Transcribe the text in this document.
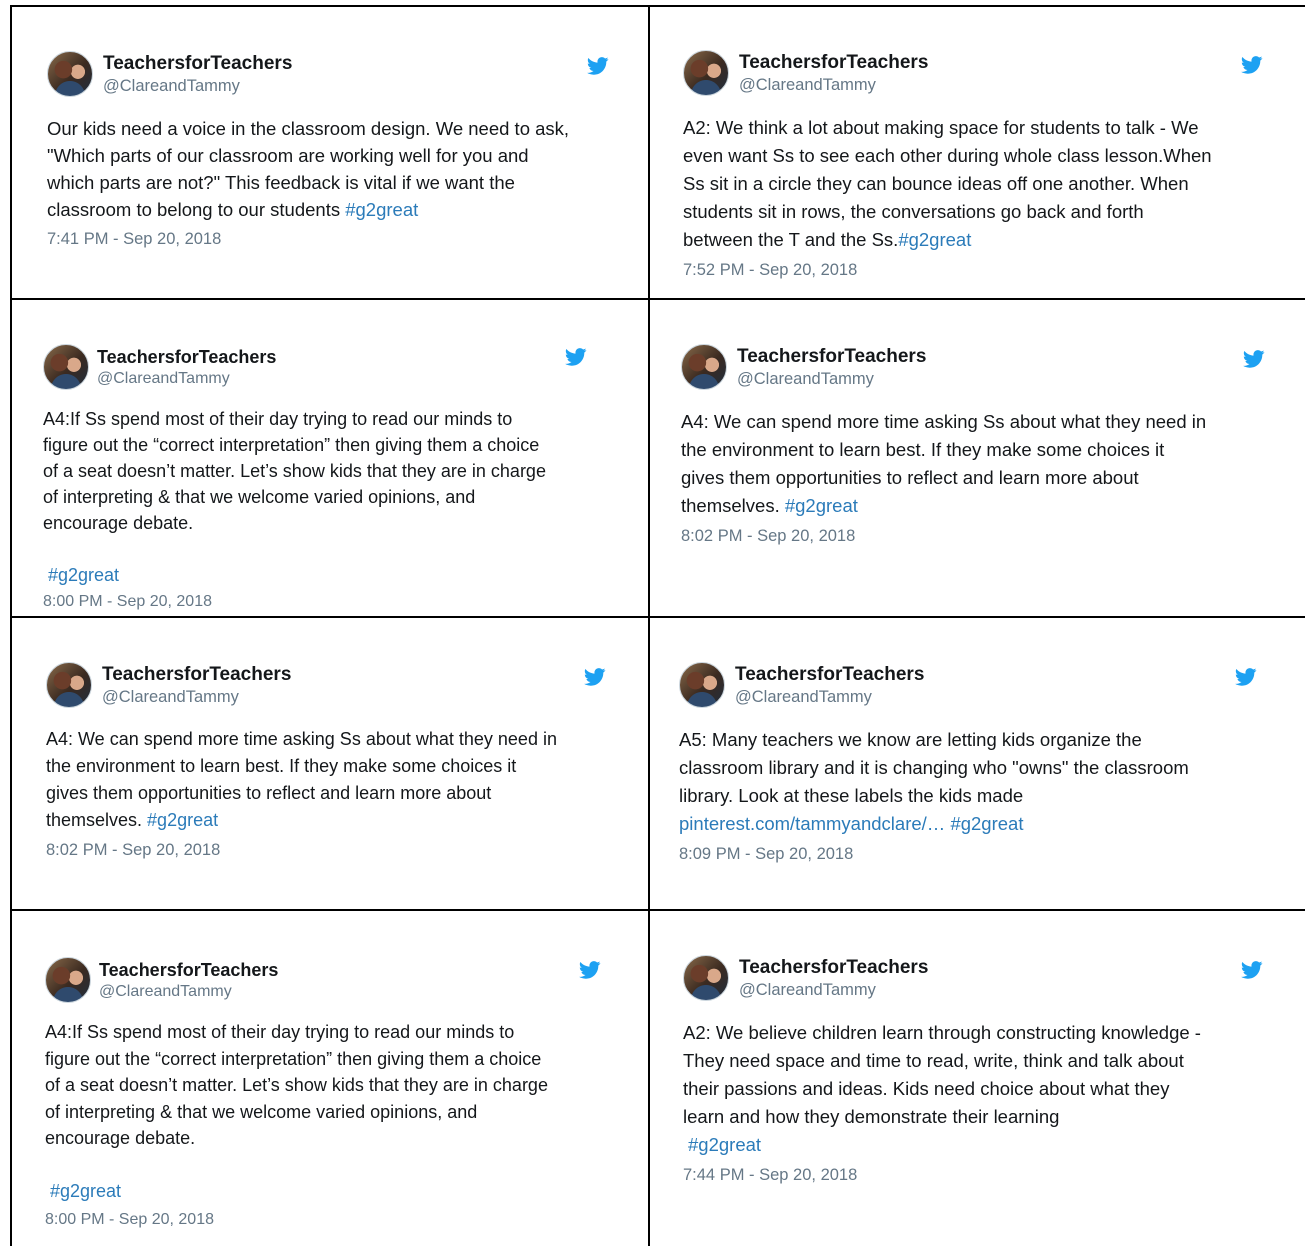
TeachersforTeachers
@ClareandTammy
Our kids need a voice in the classroom design. We need to ask,
"Which parts of our classroom are working well for you and
which parts are not?" This feedback is vital if we want the
classroom to belong to our students #g2great
7:41 PM - Sep 20, 2018
TeachersforTeachers
@ClareandTammy
A2: We think a lot about making space for students to talk - We
even want Ss to see each other during whole class lesson.When
Ss sit in a circle they can bounce ideas off one another. When
students sit in rows, the conversations go back and forth
between the T and the Ss.#g2great
7:52 PM - Sep 20, 2018
TeachersforTeachers
@ClareandTammy
A4:If Ss spend most of their day trying to read our minds to
figure out the “correct interpretation” then giving them a choice
of a seat doesn’t matter. Let’s show kids that they are in charge
of interpreting & that we welcome varied opinions, and
encourage debate.
#g2great
8:00 PM - Sep 20, 2018
TeachersforTeachers
@ClareandTammy
A4: We can spend more time asking Ss about what they need in
the environment to learn best. If they make some choices it
gives them opportunities to reflect and learn more about
themselves. #g2great
8:02 PM - Sep 20, 2018
TeachersforTeachers
@ClareandTammy
A4: We can spend more time asking Ss about what they need in
the environment to learn best. If they make some choices it
gives them opportunities to reflect and learn more about
themselves. #g2great
8:02 PM - Sep 20, 2018
TeachersforTeachers
@ClareandTammy
A5: Many teachers we know are letting kids organize the
classroom library and it is changing who "owns" the classroom
library. Look at these labels the kids made
pinterest.com/tammyandclare/… #g2great
8:09 PM - Sep 20, 2018
TeachersforTeachers
@ClareandTammy
A4:If Ss spend most of their day trying to read our minds to
figure out the “correct interpretation” then giving them a choice
of a seat doesn’t matter. Let’s show kids that they are in charge
of interpreting & that we welcome varied opinions, and
encourage debate.
#g2great
8:00 PM - Sep 20, 2018
TeachersforTeachers
@ClareandTammy
A2: We believe children learn through constructing knowledge -
They need space and time to read, write, think and talk about
their passions and ideas. Kids need choice about what they
learn and how they demonstrate their learning
#g2great
7:44 PM - Sep 20, 2018
